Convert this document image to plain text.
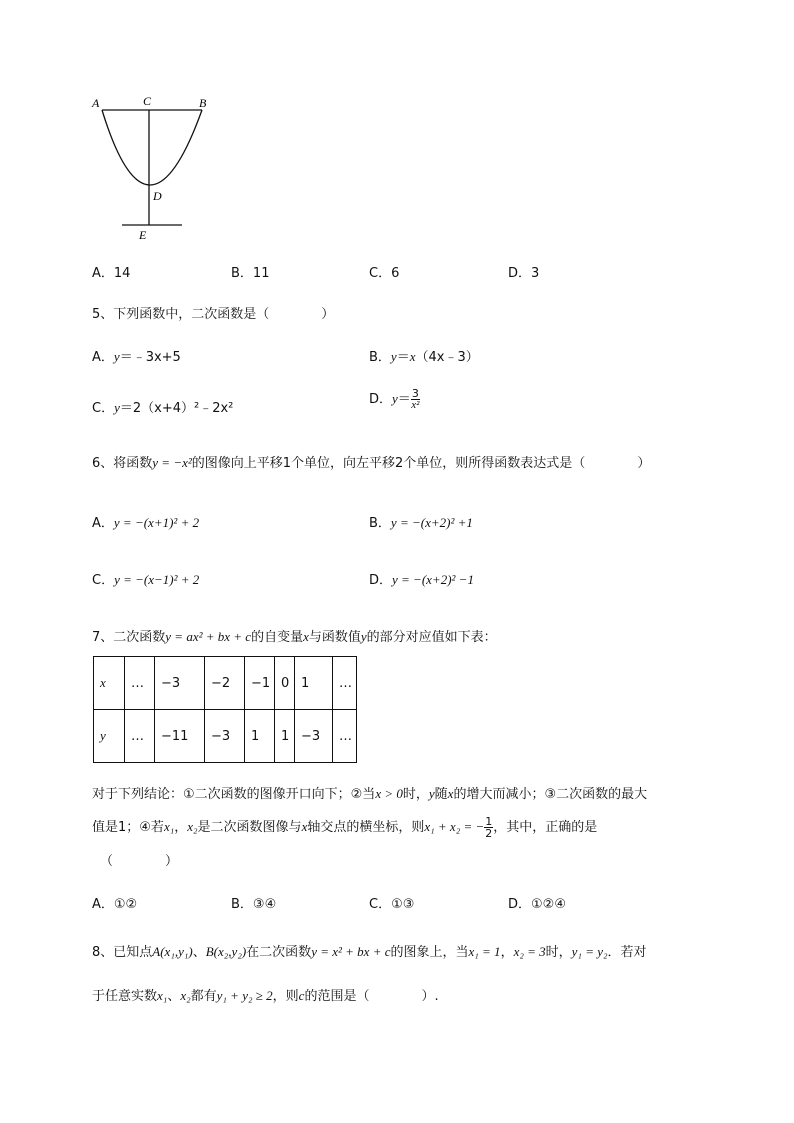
A	C	B
D
E
A．14	B．11	C．6	D．3
5、下列函数中，二次函数是（	）
A．y＝﹣3x+5	B．y＝x（4x﹣3）
C．y＝2（x+4）²﹣2x²
D．$y= \frac{3}{\text{x²}}$
6、将函数y = −x²的图像向上平移1个单位，向左平移2个单位，则所得函数表达式是（	）
A．y = −(x+1)² + 2	B．y = −(x+2)² +1
C．y = −(x−1)² + 2	D．y = −(x+2)² −1
7、二次函数y = ax² + bx + c的自变量x与函数值y的部分对应值如下表：
x	…	−3	−2	−1	0	1	…
y	…	−11	−3	1	1	−3	…
对于下列结论：①二次函数的图像开口向下；②当x > 0时，y随x的增大而减小；③二次函数的最大
值是1；④若x₁，x₂是二次函数图像与x轴交点的横坐标，则x₁ + x₂ = − $\frac{1}{2}$ ，其中，正确的是
（	）
A．①②	B．③④	C．①③	D．①②④
8、已知点A(x₁,y₁)、B(x₂,y₂)在二次函数y = x² + bx + c的图象上，当x₁ = 1，x₂ = 3时，y₁ = y₂．若对
于任意实数x₁、x₂都有y₁ + y₂ ≥ 2，则c的范围是（	）.
